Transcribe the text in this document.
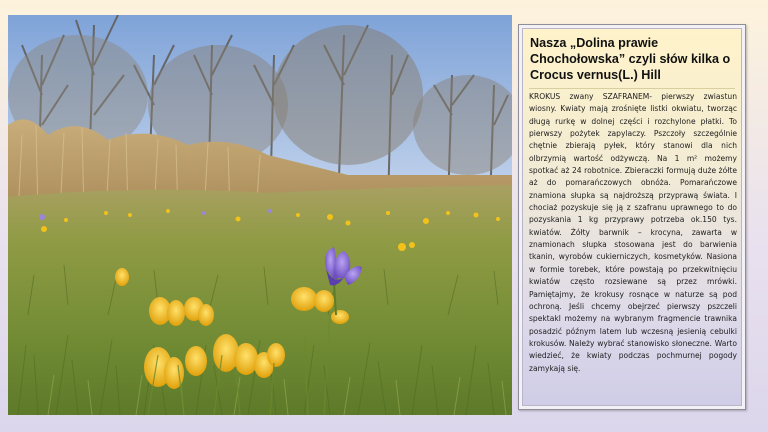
Nasza „Dolina prawie Chochołowska” czyli słów kilka o Crocus vernus(L.) Hill

KROKUS zwany SZAFRANEM- pierwszy zwiastun wiosny. Kwiaty mają zrośnięte listki okwiatu, tworząc długą rurkę w dolnej części i rozchylone płatki. To pierwszy pożytek zapylaczy. Pszczoły szczególnie chętnie zbierają pyłek, który stanowi dla nich olbrzymią wartość odżywczą. Na 1 m² możemy spotkać aż 24 robotnice. Zbieraczki formują duże żółte aż do pomarańczowych obnóża. Pomarańczowe znamiona słupka są najdroższą przyprawą świata. I chociaż pozyskuje się ją z szafranu uprawnego to do pozyskania 1 kg przyprawy potrzeba ok.150 tys. kwiatów. Żółty barwnik – krocyna, zawarta w znamionach słupka stosowana jest do barwienia tkanin, wyrobów cukierniczych, kosmetyków. Nasiona w formie torebek, które powstają po przekwitnięciu kwiatów często rozsiewane są przez mrówki. Pamiętajmy, że krokusy rosnące w naturze są pod ochroną. Jeśli chcemy obejrzeć pierwszy pszczeli spektakl możemy na wybranym fragmencie trawnika posadzić późnym latem lub wczesną jesienią cebulki krokusów. Należy wybrać stanowisko słoneczne. Warto wiedzieć, że kwiaty podczas pochmurnej pogody zamykają się.
